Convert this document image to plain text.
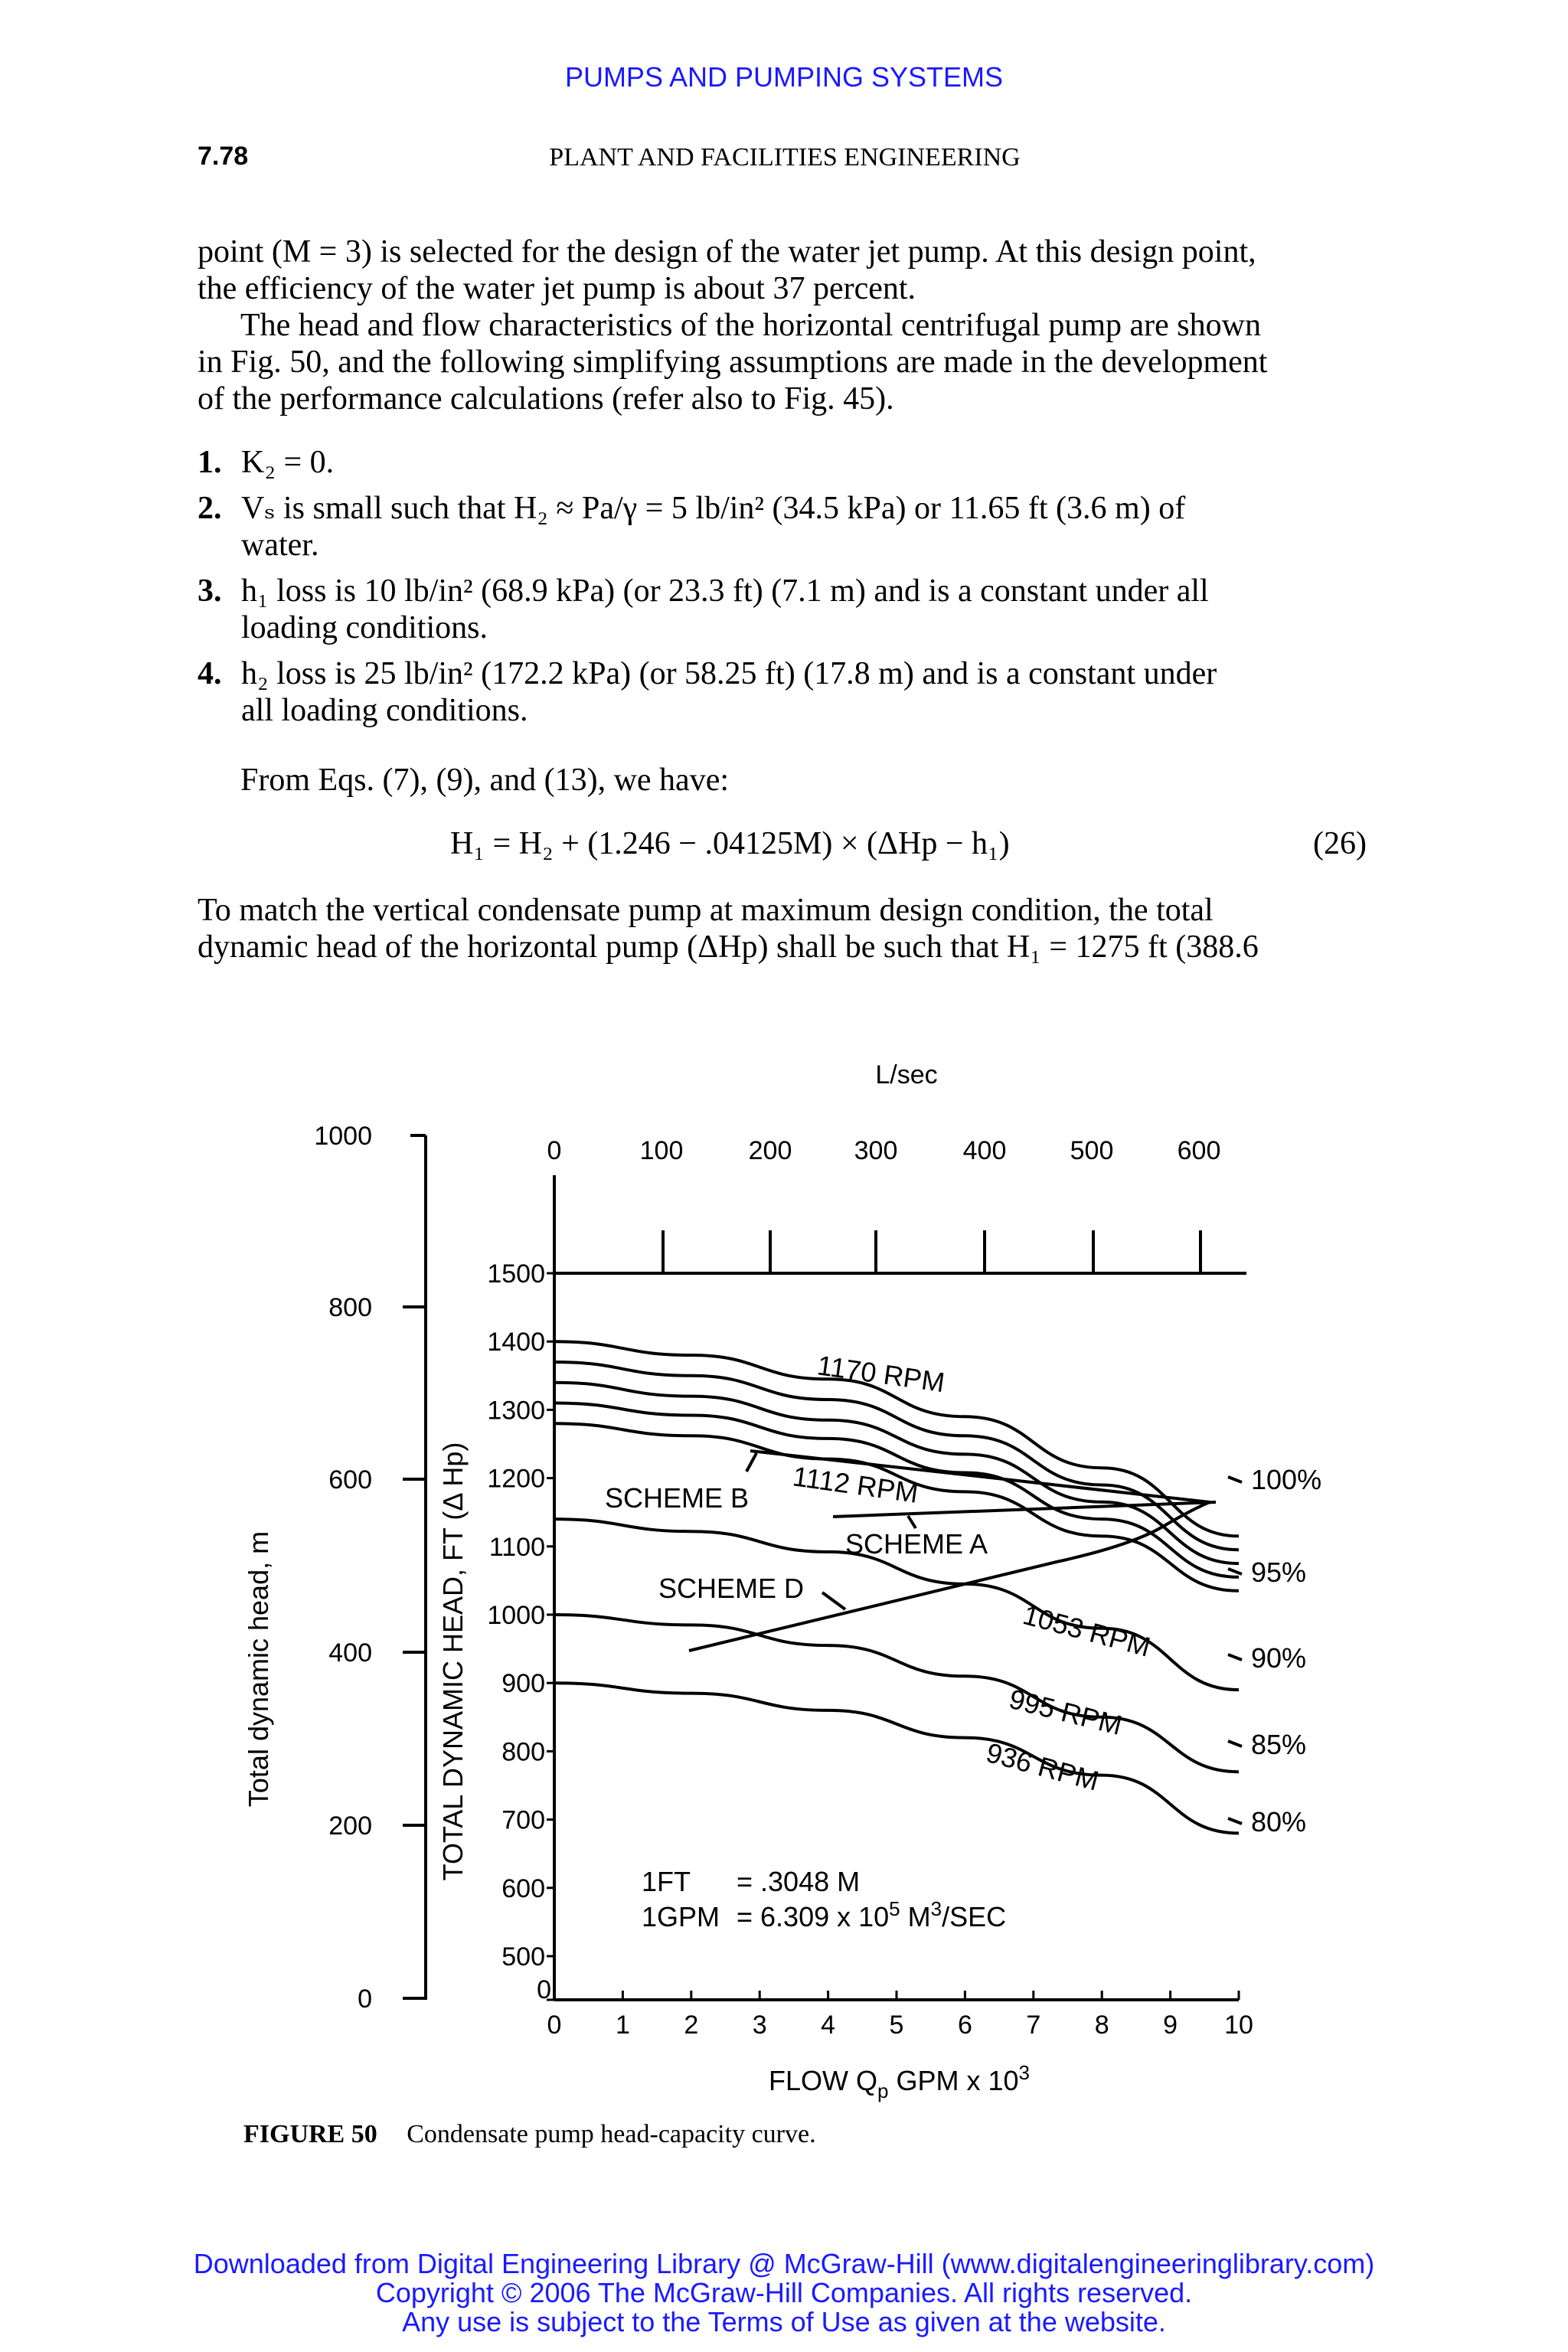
PUMPS AND PUMPING SYSTEMS
7.78	PLANT AND FACILITIES ENGINEERING
point (M = 3) is selected for the design of the water jet pump. At this design point,
the efficiency of the water jet pump is about 37 percent.
The head and flow characteristics of the horizontal centrifugal pump are shown
in Fig. 50, and the following simplifying assumptions are made in the development
of the performance calculations (refer also to Fig. 45).
1. K₂ = 0.
2. Vₛ is small such that H₂ ≈ Pa/γ = 5 lb/in² (34.5 kPa) or 11.65 ft (3.6 m) of
water.
3. h₁ loss is 10 lb/in² (68.9 kPa) (or 23.3 ft) (7.1 m) and is a constant under all
loading conditions.
4. h₂ loss is 25 lb/in² (172.2 kPa) (or 58.25 ft) (17.8 m) and is a constant under
all loading conditions.
From Eqs. (7), (9), and (13), we have:
H₁ = H₂ + (1.246 − .04125M) × (ΔHp − h₁)	(26)
To match the vertical condensate pump at maximum design condition, the total
dynamic head of the horizontal pump (ΔHp) shall be such that H₁ = 1275 ft (388.6
L/sec
0	100	200 300	400 500 600
1000
800
600
400
200
0
Total dynamic head, m	TOTAL DYNAMIC HEAD, FT (Δ Hp)
1500
1400
1300
1200
1100
1000
900
800
700
600
500
0
0 1 2 3 4 5 6 7 8 9 10
FLOW $Q_p$ GPM x $10^3$
1170 RPM
1112 RPM
1053 RPM
995 RPM
936 RPM
SCHEME B
SCHEME A
SCHEME D
100%
95%
90%
85%
80%
1FT = .3048 M
1GPM = 6.309 x $10^5$ $M^3$/SEC
FIGURE 50 Condensate pump head-capacity curve.
Downloaded from Digital Engineering Library @ McGraw-Hill (www.digitalengineeringlibrary.com)
Copyright © 2006 The McGraw-Hill Companies. All rights reserved.
Any use is subject to the Terms of Use as given at the website.
